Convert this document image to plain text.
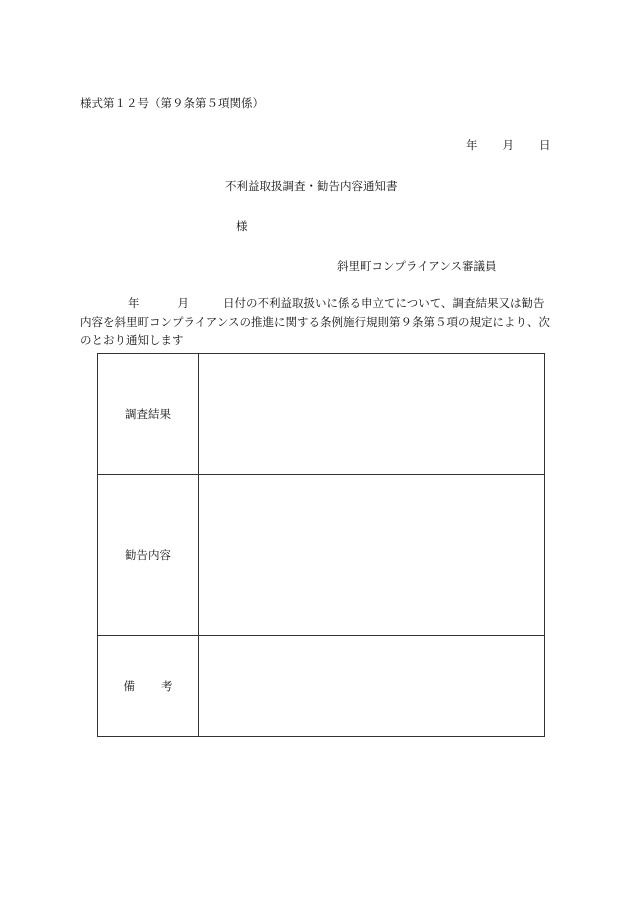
様式第１２号（第９条第５項関係）
年 月 日
不利益取扱調査・勧告内容通知書
様
斜里町コンプライアンス審議員
年	月	日付の不利益取扱いに係る申立てについて、調査結果又は勧告内容を斜里町コンプライアンスの推進に関する条例施行規則第９条第５項の規定により、次のとおり通知します
調査結果	
勧告内容	
備 考	
